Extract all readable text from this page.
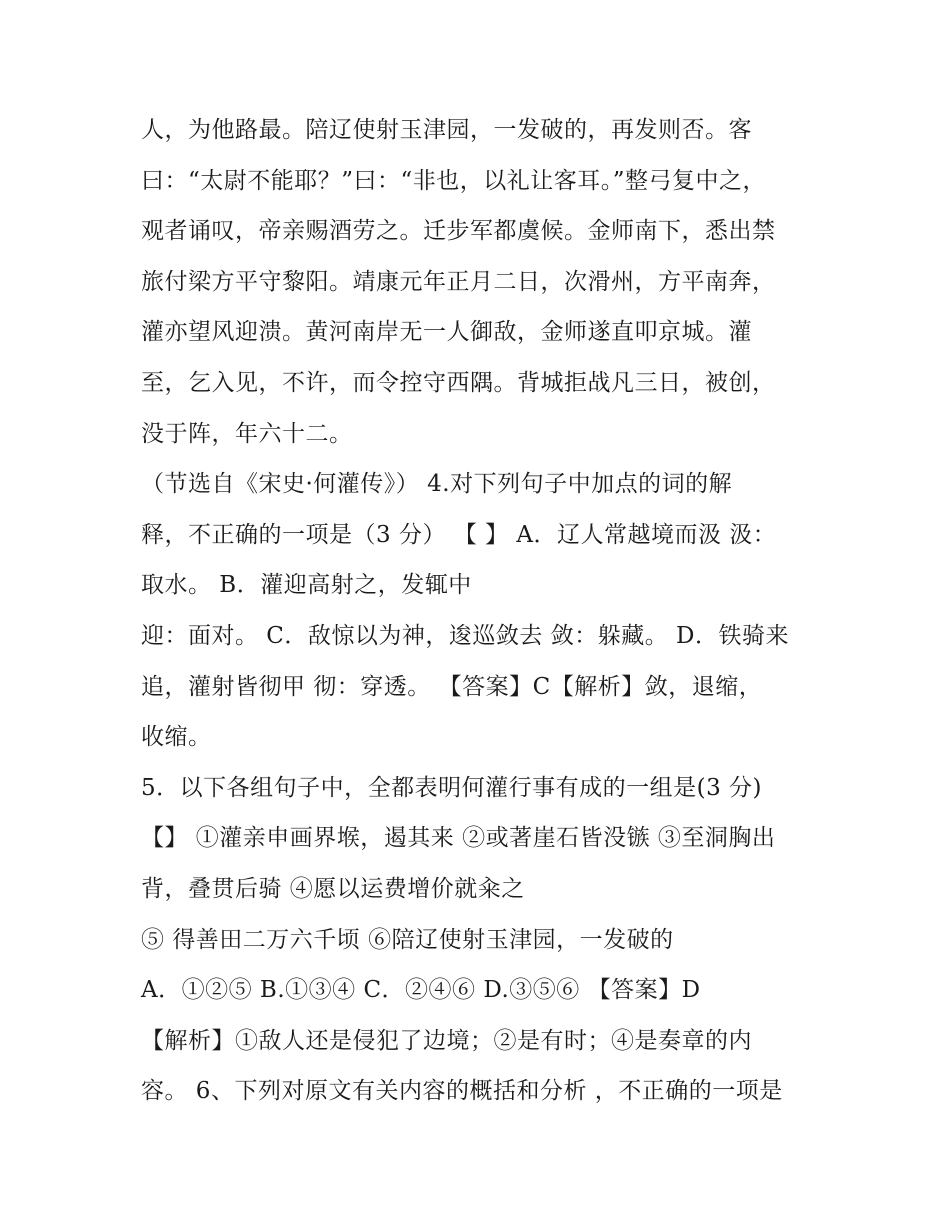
人，为他路最。陪辽使射玉津园，一发破的，再发则否。客
曰：“太尉不能耶？”曰：“非也，以礼让客耳。”整弓复中之，
观者诵叹，帝亲赐酒劳之。迁步军都虞候。金师南下，悉出禁
旅付梁方平守黎阳。靖康元年正月二日，次滑州，方平南奔，
灌亦望风迎溃。黄河南岸无一人御敌，金师遂直叩京城。灌
至，乞入见，不许，而令控守西隅。背城拒战凡三日，被创，
没于阵，年六十二。
（节选自《宋史·何灌传》） 4.对下列句子中加点的词的解
释，不正确的一项是（3 分） 【 】 A．辽人常越境而汲 汲：
取水。 B．灌迎高射之，发辄中
迎：面对。 C．敌惊以为神，逡巡敛去 敛：躲藏。 D．铁骑来
追，灌射皆彻甲 彻：穿透。 【答案】C【解析】敛，退缩，
收缩。
5．以下各组句子中，全都表明何灌行事有成的一组是(3 分)
【】 ①灌亲申画界堠，遏其来 ②或著崖石皆没镞 ③至洞胸出
背，叠贯后骑 ④愿以运费增价就籴之
⑤ 得善田二万六千顷 ⑥陪辽使射玉津园，一发破的
A．①②⑤ B.①③④ C．②④⑥ D.③⑤⑥ 【答案】D
【解析】①敌人还是侵犯了边境；②是有时；④是奏章的内
容。 6、下列对原文有关内容的概括和分析 ，不正确的一项是
